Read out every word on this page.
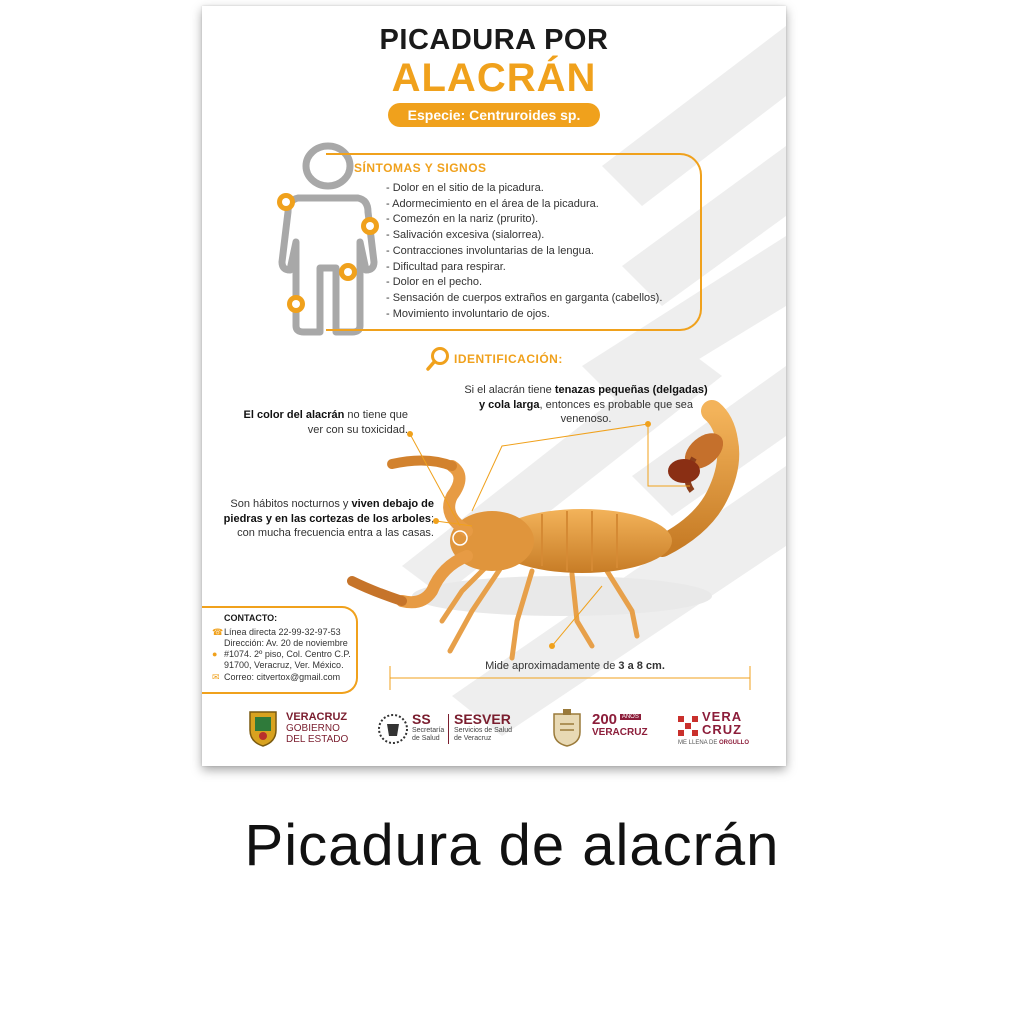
PICADURA POR
ALACRÁN
Especie: Centruroides sp.
SÍNTOMAS Y SIGNOS
- Dolor en el sitio de la picadura.
- Adormecimiento en el área de la picadura.
- Comezón en la nariz (prurito).
- Salivación excesiva (sialorrea).
- Contracciones involuntarias de la lengua.
- Dificultad para respirar.
- Dolor en el pecho.
- Sensación de cuerpos extraños en garganta (cabellos).
- Movimiento involuntario de ojos.
IDENTIFICACIÓN:
El color del alacrán no tiene que ver con su toxicidad.
Si el alacrán tiene tenazas pequeñas (delgadas) y cola larga, entonces es probable que sea venenoso.
Son hábitos nocturnos y viven debajo de piedras y en las cortezas de los arboles; con mucha frecuencia entra a las casas.
Mide aproximadamente de 3 a 8 cm.
CONTACTO:
☎ Línea directa 22-99-32-97-53
●
Dirección: Av. 20 de noviembre
#1074. 2º piso, Col. Centro C.P.
91700, Veracruz, Ver. México.
✉ Correo: citvertox@gmail.com
VERACRUZ
GOBIERNO
DEL ESTADO
SS
Secretaría
de Salud
SESVER
Servicios de Salud
de Veracruz
200 $^{AÑOS}$
VERACRUZ
VERA
CRUZ
ME LLENA DE ORGULLO
Picadura de alacrán
